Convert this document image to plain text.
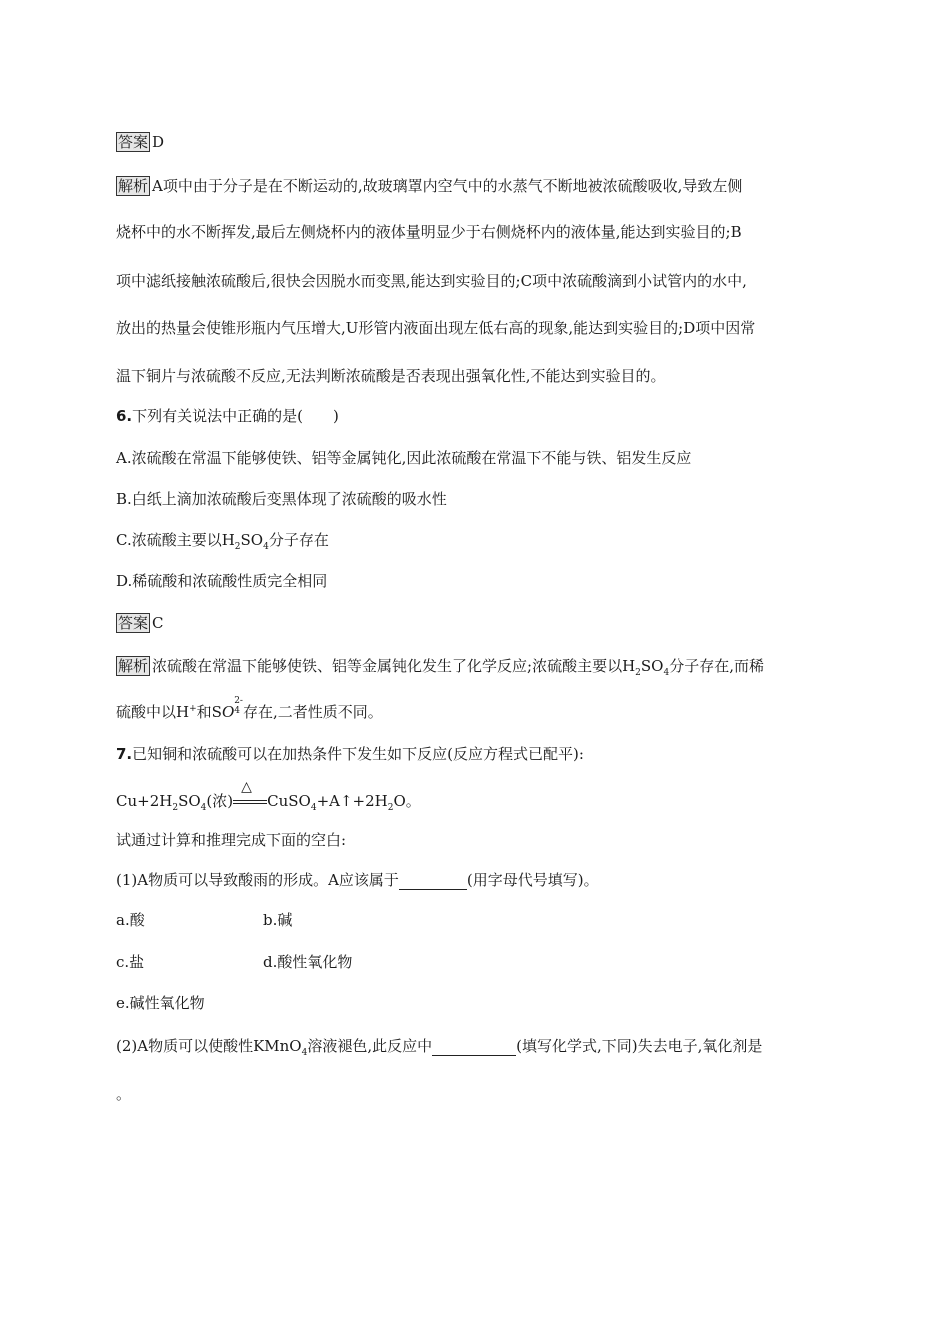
答案 D
解析 A项中由于分子是在不断运动的,故玻璃罩内空气中的水蒸气不断地被浓硫酸吸收,导致左侧
烧杯中的水不断挥发,最后左侧烧杯内的液体量明显少于右侧烧杯内的液体量,能达到实验目的;B
项中滤纸接触浓硫酸后,很快会因脱水而变黑,能达到实验目的;C项中浓硫酸滴到小试管内的水中,
放出的热量会使锥形瓶内气压增大,U形管内液面出现左低右高的现象,能达到实验目的;D项中因常
温下铜片与浓硫酸不反应,无法判断浓硫酸是否表现出强氧化性,不能达到实验目的。
6.下列有关说法中正确的是(　　)
A.浓硫酸在常温下能够使铁、铝等金属钝化,因此浓硫酸在常温下不能与铁、铝发生反应
B.白纸上滴加浓硫酸后变黑体现了浓硫酸的吸水性
C.浓硫酸主要以$H_2SO_4$分子存在
D.稀硫酸和浓硫酸性质完全相同
答案 C
解析 浓硫酸在常温下能够使铁、铝等金属钝化发生了化学反应;浓硫酸主要以$H_2SO_4$分子存在,而稀
硫酸中以H+和SO2-
4 存在,二者性质不同。
7.已知铜和浓硫酸可以在加热条件下发生如下反应(反应方程式已配平):
$Cu+2H_2SO_4$(浓)
△
$CuSO_4+A↑+2H_2O$。
试通过计算和推理完成下面的空白:
(1)A物质可以导致酸雨的形成。A应该属于	(用字母代号填写)。
a.酸	b.碱
c.盐	d.酸性氧化物
e.碱性氧化物
(2)A物质可以使酸性KMnO$_4$溶液褪色,此反应中	(填写化学式,下同)失去电子,氧化剂是
。
